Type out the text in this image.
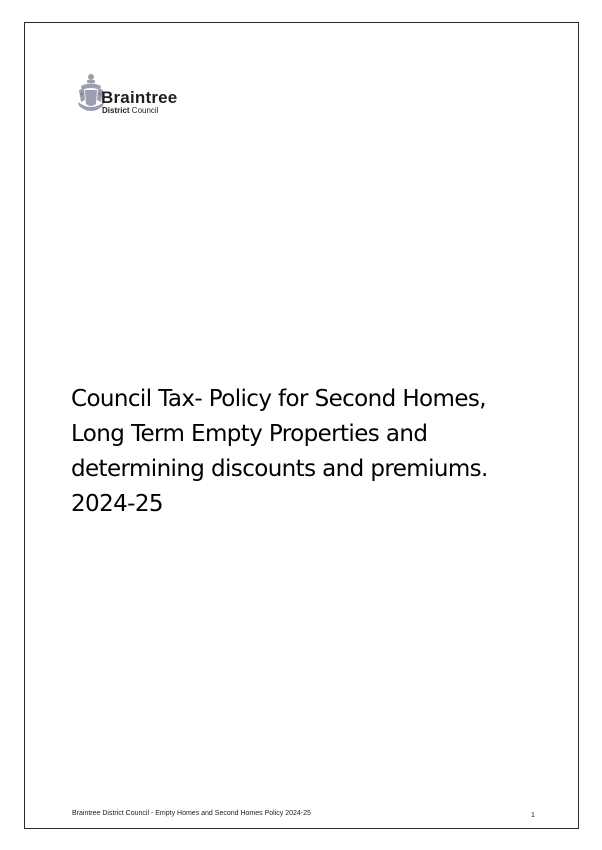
Braintree
District Council
Council Tax- Policy for Second Homes,
Long Term Empty Properties and
determining discounts and premiums.
2024-25
Braintree District Council - Empty Homes and Second Homes Policy 2024-25	1
